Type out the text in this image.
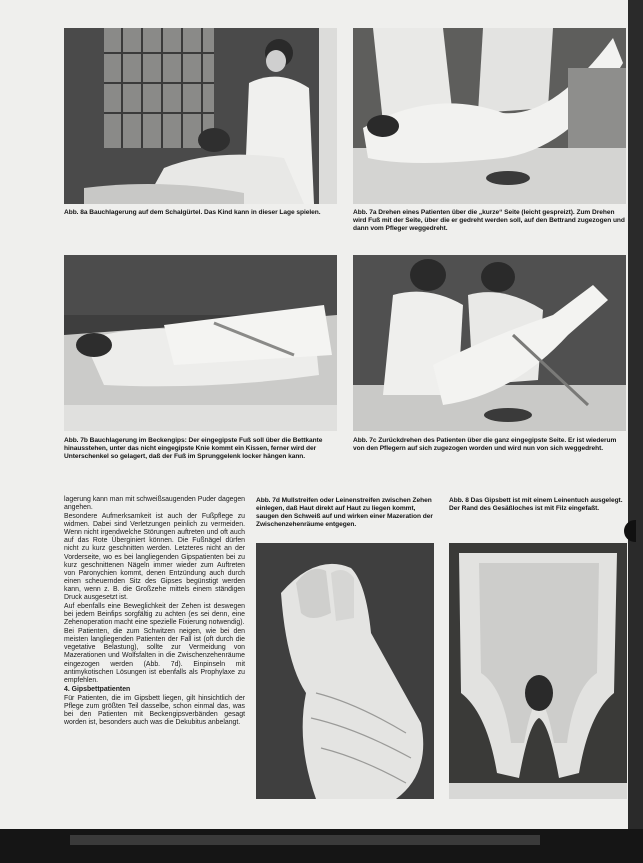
Abb. 8a Bauchlagerung auf dem Schalgürtel. Das Kind kann in dieser Lage spielen.	Abb. 7a Drehen eines Patienten über die „kurze“ Seite (leicht gespreizt). Zum Drehen wird Fuß mit der Seite, über die er gedreht werden soll, auf den Bettrand zugezogen und dann vom Pfleger weggedreht.
Abb. 7b Bauchlagerung im Beckengips: Der eingegipste Fuß soll über die Bettkante hinausstehen, unter das nicht eingegipste Knie kommt ein Kissen, ferner wird der Unterschenkel so gelagert, daß der Fuß im Sprunggelenk locker hängen kann.
Abb. 7c Zurückdrehen des Patienten über die ganz eingegipste Seite. Er ist wiederum von den Pflegern auf sich zugezogen worden und wird nun von sich weggedreht.

lagerung kann man mit schweißsaugenden Puder dagegen angehen.

Besondere Aufmerksamkeit ist auch der Fußpflege zu widmen. Dabei sind Verletzungen peinlich zu vermeiden. Wenn nicht irgendwelche Störungen auftreten und oft auch auf das Rote Überginiert können. Die Fußnägel dürfen nicht zu kurz geschnitten werden. Letzteres nicht an der Vorderseite, wo es bei langliegenden Gipspatienten bei zu kurz geschnittenen Nägeln immer wieder zum Auftreten von Paronychien kommt, denen Entzündung auch durch einen scheuernden Sitz des Gipses begünstigt werden kann, wenn z. B. die Großzehe mittels einem ständigen Druck ausgesetzt ist.

Auf ebenfalls eine Beweglichkeit der Zehen ist deswegen bei jedem Beinfips sorgfältig zu achten (es sei denn, eine Zehenoperation macht eine spezielle Fixierung notwendig).

Bei Patienten, die zum Schwitzen neigen, wie bei den meisten langliegenden Patienten der Fall ist (oft durch die vegetative Belastung), sollte zur Vermeidung von Mazerationen und Wolfsfalten in die Zwischenzehenräume eingezogen werden (Abb. 7d). Einpinseln mit antimykotischen Lösungen ist ebenfalls als Prophylaxe zu empfehlen.

4. Gipsbettpatienten

Für Patienten, die im Gipsbett liegen, gilt hinsichtlich der Pflege zum größten Teil dasselbe, schon einmal das, was bei den Patienten mit Beckengipsverbänden gesagt worden ist, besonders auch was die Dekubitus anbelangt.

Abb. 7d Mullstreifen oder Leinenstreifen zwischen Zehen einlegen, daß Haut direkt auf Haut zu liegen kommt, saugen den Schweiß auf und wirken einer Mazeration der Zwischenzehenräume entgegen.
Abb. 8 Das Gipsbett ist mit einem Leinentuch ausgelegt. Der Rand des Gesäßloches ist mit Filz eingefaßt.
